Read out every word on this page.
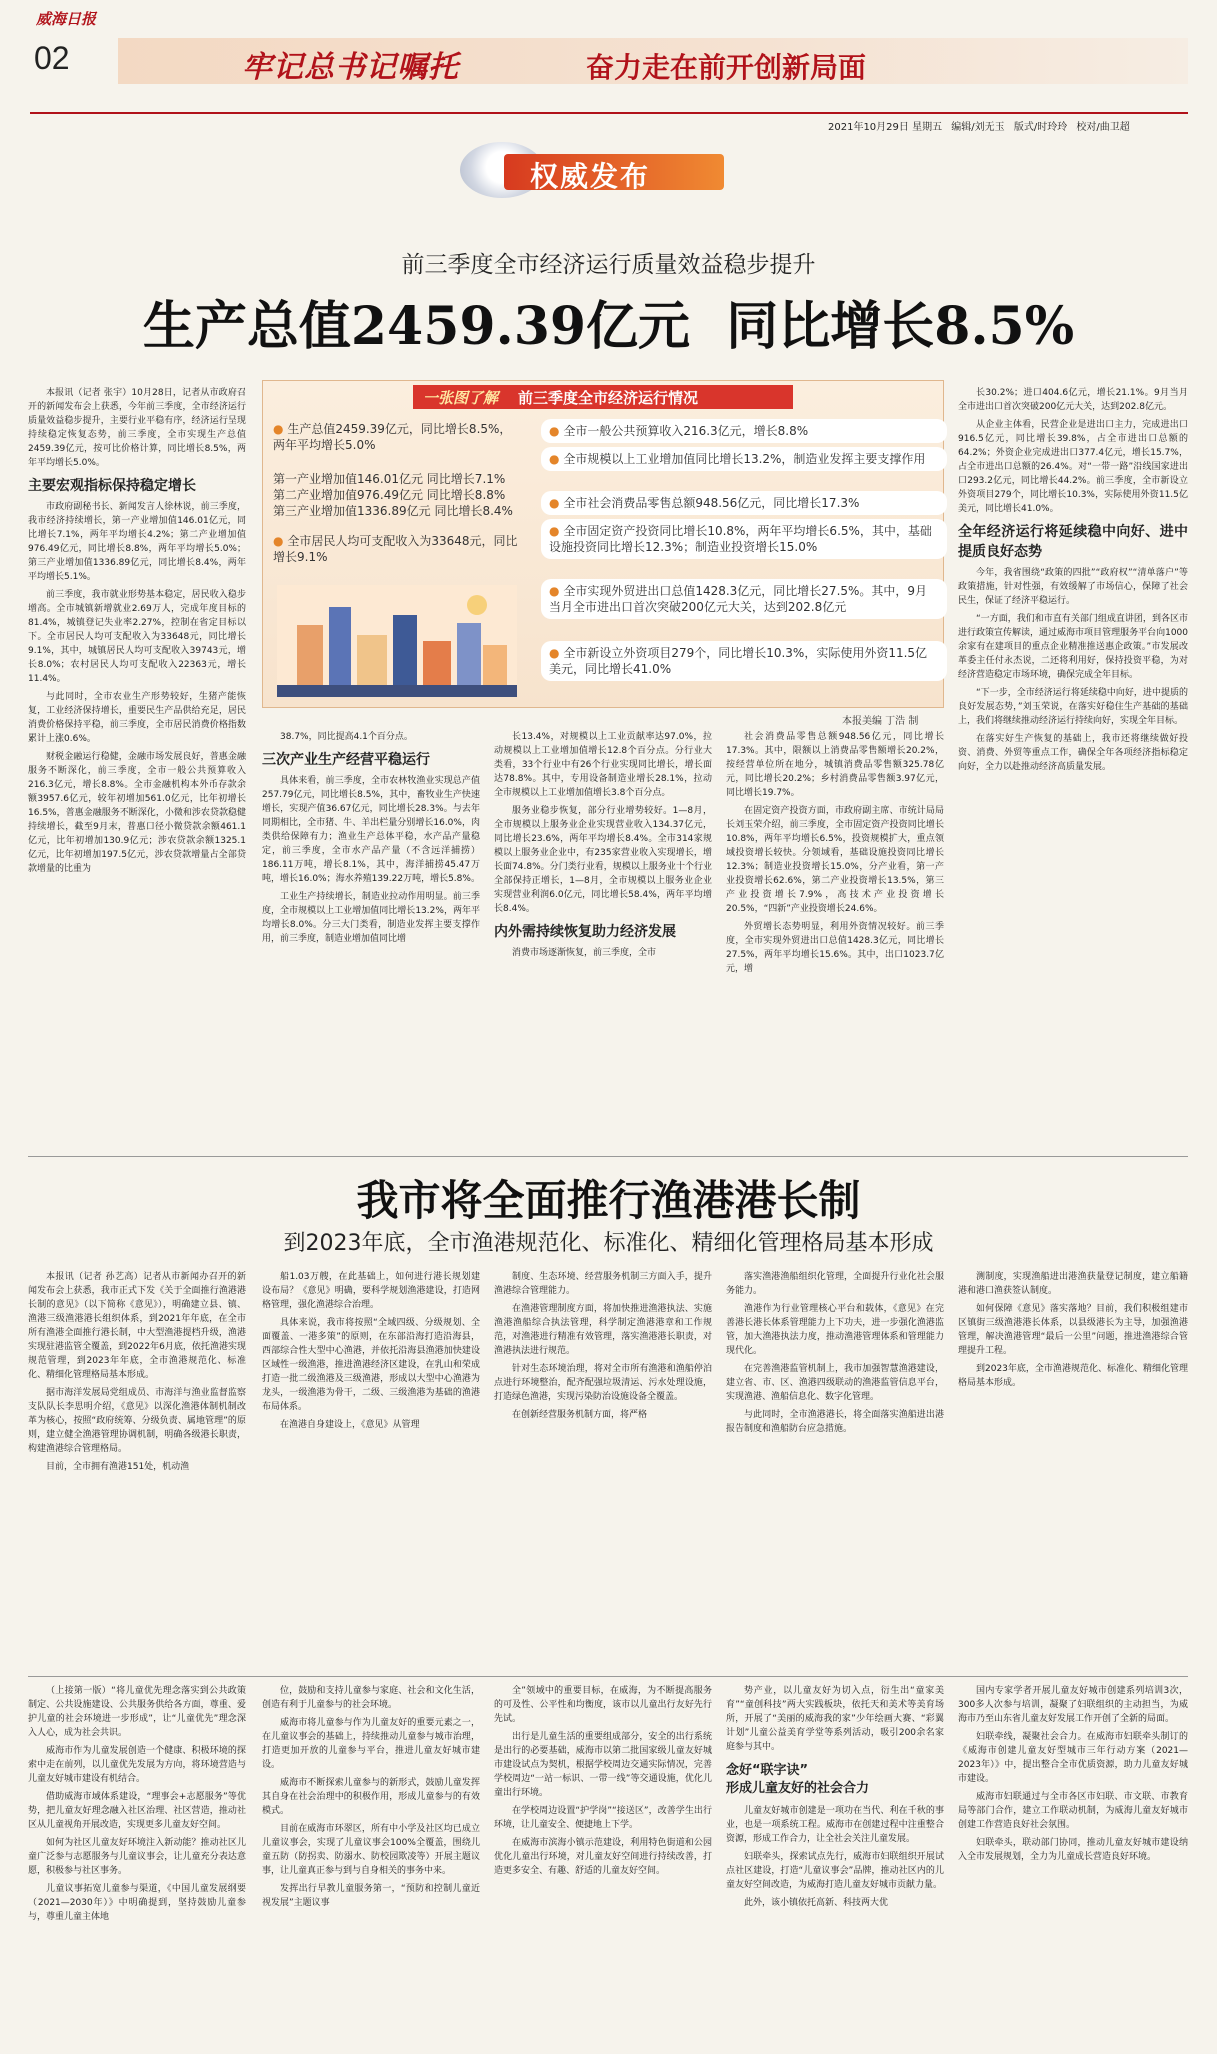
威海日报
02	牢记总书记嘱托	奋力走在前开创新局面
2021年10月29日 星期五 编辑/刘无玉 版式/时玲玲 校对/曲卫超
权威发布
前三季度全市经济运行质量效益稳步提升
生产总值2459.39亿元  同比增长8.5%

本报讯（记者 张宇）10月28日，记者从市政府召开的新闻发布会上获悉，今年前三季度，全市经济运行质量效益稳步提升，主要行业平稳有序，经济运行呈现持续稳定恢复态势，前三季度，全市实现生产总值2459.39亿元，按可比价格计算，同比增长8.5%，两年平均增长5.0%。

主要宏观指标保持稳定增长

市政府副秘书长、新闻发言人徐林说，前三季度，我市经济持续增长，第一产业增加值146.01亿元，同比增长7.1%，两年平均增长4.2%；第二产业增加值976.49亿元，同比增长8.8%，两年平均增长5.0%；第三产业增加值1336.89亿元，同比增长8.4%，两年平均增长5.1%。

前三季度，我市就业形势基本稳定，居民收入稳步增高。全市城镇新增就业2.69万人，完成年度目标的81.4%，城镇登记失业率2.27%，控制在省定目标以下。全市居民人均可支配收入为33648元，同比增长9.1%，其中，城镇居民人均可支配收入39743元，增长8.0%；农村居民人均可支配收入22363元，增长11.4%。

与此同时，全市农业生产形势较好，生猪产能恢复，工业经济保持增长，重要民生产品供给充足，居民消费价格保持平稳，前三季度，全市居民消费价格指数累计上涨0.6%。

财税金融运行稳健，金融市场发展良好，普惠金融服务不断深化，前三季度，全市一般公共预算收入216.3亿元，增长8.8%。全市金融机构本外币存款余额3957.6亿元，较年初增加561.0亿元，比年初增长16.5%，普惠金融服务不断深化，小微和涉农贷款稳健持续增长，截至9月末，普惠口径小微贷款余额461.1亿元，比年初增加130.9亿元；涉农贷款余额1325.1亿元，比年初增加197.5亿元，涉农贷款增量占全部贷款增量的比重为

一张图了解 前三季度全市经济运行情况
● 生产总值2459.39亿元，同比增长8.5%，两年平均增长5.0%
第一产业增加值146.01亿元 同比增长7.1%
第二产业增加值976.49亿元 同比增长8.8%
第三产业增加值1336.89亿元 同比增长8.4%
● 全市居民人均可支配收入为33648元，同比增长9.1%
● 全市一般公共预算收入216.3亿元，增长8.8%
● 全市规模以上工业增加值同比增长13.2%，制造业发挥主要支撑作用
● 全市社会消费品零售总额948.56亿元，同比增长17.3%
● 全市固定资产投资同比增长10.8%，两年平均增长6.5%，其中，基础设施投资同比增长12.3%；制造业投资增长15.0%
● 全市实现外贸进出口总值1428.3亿元，同比增长27.5%。其中，9月当月全市进出口首次突破200亿元大关，达到202.8亿元
● 全市新设立外资项目279个，同比增长10.3%，实际使用外资11.5亿美元，同比增长41.0%
本报美编 丁浩 制

38.7%，同比提高4.1个百分点。

三次产业生产经营平稳运行

具体来看，前三季度，全市农林牧渔业实现总产值257.79亿元，同比增长8.5%，其中，畜牧业生产快速增长，实现产值36.67亿元，同比增长28.3%。与去年同期相比，全市猪、牛、羊出栏量分别增长16.0%，肉类供给保障有力；渔业生产总体平稳，水产品产量稳定，前三季度，全市水产品产量（不含远洋捕捞）186.11万吨，增长8.1%，其中，海洋捕捞45.47万吨，增长16.0%；海水养殖139.22万吨，增长5.8%。

工业生产持续增长，制造业拉动作用明显。前三季度，全市规模以上工业增加值同比增长13.2%，两年平均增长8.0%。分三大门类看，制造业发挥主要支撑作用，前三季度，制造业增加值同比增

长13.4%，对规模以上工业贡献率达97.0%，拉动规模以上工业增加值增长12.8个百分点。分行业大类看，33个行业中有26个行业实现同比增长，增长面达78.8%。其中，专用设备制造业增长28.1%，拉动全市规模以上工业增加值增长3.8个百分点。

服务业稳步恢复，部分行业增势较好。1—8月，全市规模以上服务业企业实现营业收入134.37亿元，同比增长23.6%，两年平均增长8.4%。全市314家规模以上服务业企业中，有235家营业收入实现增长，增长面74.8%。分门类行业看，规模以上服务业十个行业全部保持正增长，1—8月，全市规模以上服务业企业实现营业利润6.0亿元，同比增长58.4%，两年平均增长8.4%。

内外需持续恢复助力经济发展

消费市场逐渐恢复，前三季度，全市

社会消费品零售总额948.56亿元，同比增长17.3%。其中，限额以上消费品零售额增长20.2%，按经营单位所在地分，城镇消费品零售额325.78亿元，同比增长20.2%；乡村消费品零售额3.97亿元，同比增长19.7%。

在固定资产投资方面，市政府副主席、市统计局局长刘玉荣介绍，前三季度，全市固定资产投资同比增长10.8%，两年平均增长6.5%，投资规模扩大，重点领域投资增长较快。分领域看，基础设施投资同比增长12.3%；制造业投资增长15.0%，分产业看，第一产业投资增长62.6%，第二产业投资增长13.5%，第三产业投资增长7.9%，高技术产业投资增长20.5%，“四新”产业投资增长24.6%。

外贸增长态势明显，利用外资情况较好。前三季度，全市实现外贸进出口总值1428.3亿元，同比增长27.5%，两年平均增长15.6%。其中，出口1023.7亿元，增

长30.2%；进口404.6亿元，增长21.1%。9月当月全市进出口首次突破200亿元大关，达到202.8亿元。

从企业主体看，民营企业是进出口主力，完成进出口916.5亿元，同比增长39.8%，占全市进出口总额的64.2%；外资企业完成进出口377.4亿元，增长15.7%，占全市进出口总额的26.4%。对“一带一路”沿线国家进出口293.2亿元，同比增长44.2%。前三季度，全市新设立外资项目279个，同比增长10.3%，实际使用外资11.5亿美元，同比增长41.0%。

全年经济运行将延续稳中向好、进中提质良好态势

今年，我省围绕“政策的四批”“政府权”“清单落户”等政策措施，针对性强，有效缓解了市场信心，保障了社会民生，保证了经济平稳运行。

“一方面，我们和市直有关部门组成直讲团，到各区市进行政策宣传解读，通过威海市项目管理服务平台向1000余家有在建项目的重点企业精准推送惠企政策。”市发展改革委主任付永杰说，二还将利用好，保持投资平稳，为对经济营造稳定市场环境，确保完成全年目标。

“下一步，全市经济运行将延续稳中向好，进中提质的良好发展态势，”刘玉荣说，在落实好稳住生产基础的基础上，我们将继续推动经济运行持续向好，实现全年目标。

在落实好生产恢复的基础上，我市还将继续做好投资、消费、外贸等重点工作，确保全年各项经济指标稳定向好，全力以赴推动经济高质量发展。

我市将全面推行渔港港长制
到2023年底，全市渔港规范化、标准化、精细化管理格局基本形成

本报讯（记者 孙艺高）记者从市新闻办召开的新闻发布会上获悉，我市正式下发《关于全面推行渔港港长制的意见》（以下简称《意见》），明确建立县、镇、渔港三级渔港港长组织体系，到2021年年底，在全市所有渔港全面推行港长制，中大型渔港提档升级，渔港实现驻港监管全覆盖，到2022年6月底，依托渔港实现规范管理，到2023年年底，全市渔港规范化、标准化、精细化管理格局基本形成。

据市海洋发展局党组成员、市海洋与渔业监督监察支队队长李思明介绍，《意见》以深化渔港体制机制改革为核心，按照“政府统筹、分级负责、属地管理”的原则，建立健全渔港管理协调机制，明确各级港长职责，构建渔港综合管理格局。

目前，全市拥有渔港151处，机动渔

船1.03万艘，在此基础上，如何进行港长规划建设布局？《意见》明确，要科学规划渔港建设，打造网格管理，强化渔港综合治理。

具体来说，我市将按照“全域四级、分级规划、全面覆盖、一港多策”的原则，在东部沿海打造沿海县，西部综合性大型中心渔港，并依托沿海县渔港加快建设区域性一级渔港，推进渔港经济区建设，在乳山和荣成打造一批二级渔港及三级渔港，形成以大型中心渔港为龙头，一级渔港为骨干，二级、三级渔港为基础的渔港布局体系。

在渔港自身建设上，《意见》从管理

制度、生态环境、经营服务机制三方面入手，提升渔港综合管理能力。

在渔港管理制度方面，将加快推进渔港执法、实施渔港渔船综合执法管理，科学制定渔港港章和工作规范，对渔港进行精准有效管理，落实渔港港长职责，对渔港执法进行规范。

针对生态环境治理，将对全市所有渔港和渔船停泊点进行环境整治，配齐配强垃圾清运、污水处理设施，打造绿色渔港，实现污染防治设施设备全覆盖。

在创新经营服务机制方面，将严格

落实渔港渔船组织化管理，全面提升行业化社会服务能力。

渔港作为行业管理核心平台和载体，《意见》在完善港长港长体系管理能力上下功夫，进一步强化渔港监管，加大渔港执法力度，推动渔港管理体系和管理能力现代化。

在完善渔港监管机制上，我市加强智慧渔港建设，建立省、市、区、渔港四级联动的渔港监管信息平台，实现渔港、渔船信息化、数字化管理。

与此同时，全市渔港港长，将全面落实渔船进出港报告制度和渔船防台应急措施。

测制度，实现渔船进出港渔获量登记制度，建立船籍港和港口渔获签认制度。

如何保障《意见》落实落地？目前，我们积极组建市区镇街三级渔港港长体系，以县级港长为主导，加强渔港管理，解决渔港管理“最后一公里”问题，推进渔港综合管理提升工程。

到2023年底，全市渔港规范化、标准化、精细化管理格局基本形成。

（上接第一版）“将儿童优先理念落实到公共政策制定、公共设施建设、公共服务供给各方面，尊重、爱护儿童的社会环境进一步形成”，让“儿童优先”理念深入人心，成为社会共识。

威海市作为儿童发展创造一个健康、积极环境的探索中走在前列，以儿童优先发展为方向，将环境营造与儿童友好城市建设有机结合。

借助威海市域体系建设，“理事会+志愿服务”等优势，把儿童友好理念融入社区治理、社区营造，推动社区从儿童视角开展改造，实现更多儿童友好空间。

如何为社区儿童友好环境注入新动能？推动社区儿童广泛参与志愿服务与儿童议事会，让儿童充分表达意愿，积极参与社区事务。

儿童议事拓宽儿童参与渠道，《中国儿童发展纲要（2021—2030年）》中明确提到，坚持鼓励儿童参与，尊重儿童主体地

位，鼓励和支持儿童参与家庭、社会和文化生活，创造有利于儿童参与的社会环境。

威海市将儿童参与作为儿童友好的重要元素之一，在儿童议事会的基础上，持续推动儿童参与城市治理，打造更加开放的儿童参与平台，推进儿童友好城市建设。

威海市不断探索儿童参与的新形式，鼓励儿童发挥其自身在社会治理中的积极作用，形成儿童参与的有效模式。

目前在威海市环翠区，所有中小学及社区均已成立儿童议事会，实现了儿童议事会100%全覆盖，围绕儿童五防（防拐卖、防溺水、防校园欺凌等）开展主题议事，让儿童真正参与到与自身相关的事务中来。

发挥出行早教儿童服务第一，“预防和控制儿童近视发展”主题议事

全”领域中的重要目标，在威海，为不断提高服务的可及性、公平性和均衡度，该市以儿童出行友好先行先试。

出行是儿童生活的重要组成部分，安全的出行系统是出行的必要基础，威海市以第二批国家级儿童友好城市建设试点为契机，根据学校周边交通实际情况，完善学校周边“一站一标识、一带一线”等交通设施，优化儿童出行环境。

在学校周边设置“护学岗”“接送区”，改善学生出行环境，让儿童安全、便捷地上下学。

在威海市滨海小镇示范建设，利用特色街道和公园优化儿童出行环境，对儿童友好空间进行持续改善，打造更多安全、有趣、舒适的儿童友好空间。

势产业，以儿童友好为切入点，衍生出“童家美育”“童创科技”两大实践板块，依托天和美术等美育场所，开展了“美丽的威海我的家”少年绘画大赛、“彩翼计划”儿童公益美育学堂等系列活动，吸引200余名家庭参与其中。

念好“联字诀”
形成儿童友好的社会合力

儿童友好城市创建是一项功在当代、利在千秋的事业，也是一项系统工程。威海市在创建过程中注重整合资源，形成工作合力，让全社会关注儿童发展。

妇联牵头，探索试点先行，威海市妇联组织开展试点社区建设，打造“儿童议事会”品牌，推动社区内的儿童友好空间改造，为威海打造儿童友好城市贡献力量。

此外，该小镇依托高新、科技两大优

国内专家学者开展儿童友好城市创建系列培训3次，300多人次参与培训，凝聚了妇联组织的主动担当，为威海市乃至山东省儿童友好发展工作开创了全新的局面。

妇联牵线，凝聚社会合力。在威海市妇联牵头制订的《威海市创建儿童友好型城市三年行动方案（2021—2023年）》中，提出整合全市优质资源，助力儿童友好城市建设。

威海市妇联通过与全市各区市妇联、市文联、市教育局等部门合作，建立工作联动机制，为威海儿童友好城市创建工作营造良好社会氛围。

妇联牵头，联动部门协同，推动儿童友好城市建设纳入全市发展规划，全力为儿童成长营造良好环境。
